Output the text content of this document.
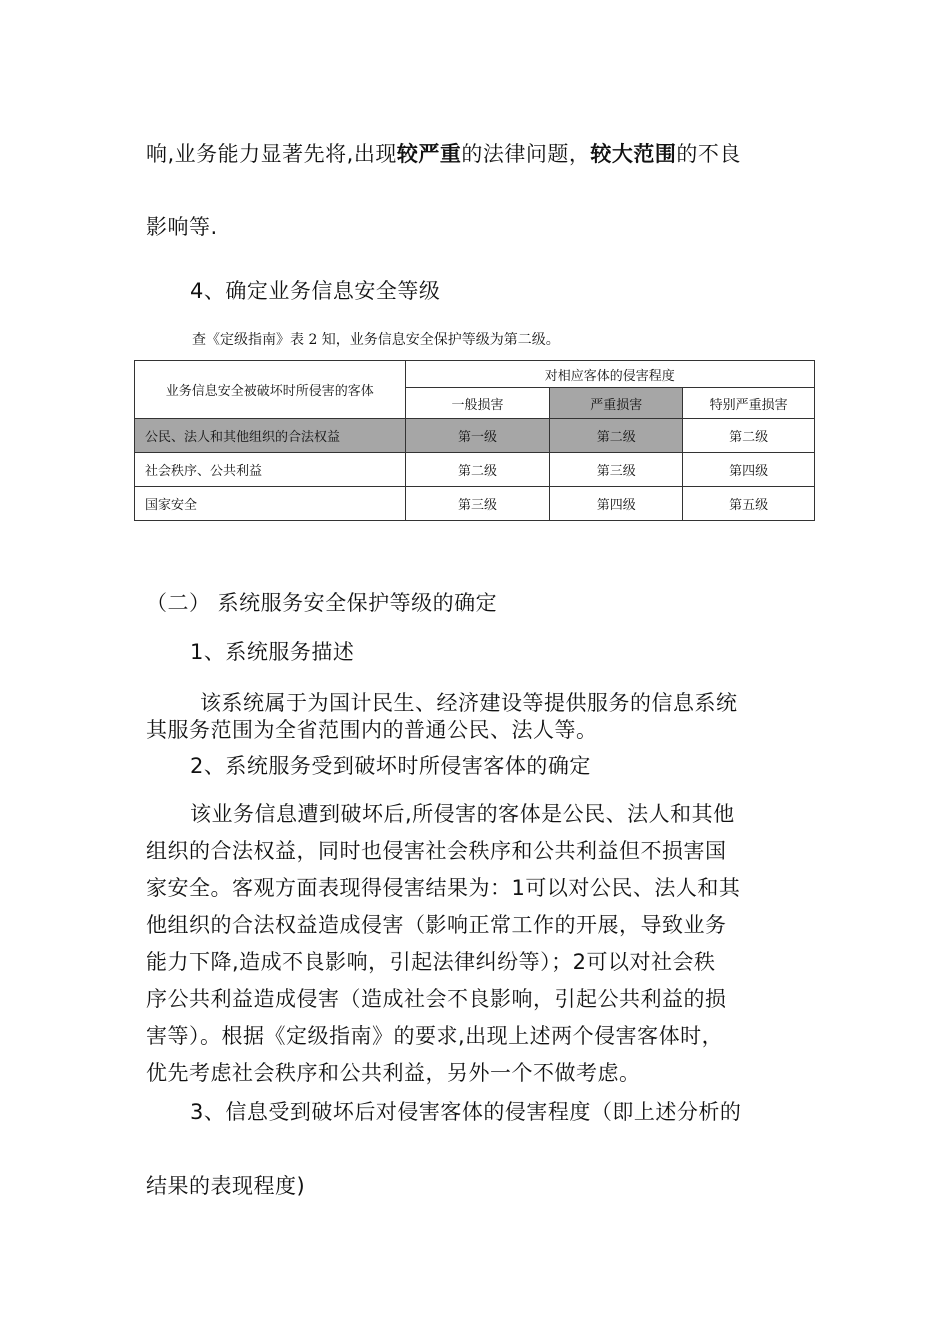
响,业务能力显著先将,出现较严重的法律问题，较大范围的不良
影响等.
4、确定业务信息安全等级
查《定级指南》表 2 知，业务信息安全保护等级为第二级。
业务信息安全被破坏时所侵害的客体	对相应客体的侵害程度		
	一般损害	严重损害	特别严重损害
公民、法人和其他组织的合法权益	第一级	第二级	第二级
社会秩序、公共利益	第二级	第三级	第四级
国家安全	第三级	第四级	第五级
（二） 系统服务安全保护等级的确定
1、系统服务描述
该系统属于为国计民生、经济建设等提供服务的信息系统
其服务范围为全省范围内的普通公民、法人等。
2、系统服务受到破坏时所侵害客体的确定
该业务信息遭到破坏后,所侵害的客体是公民、法人和其他
组织的合法权益，同时也侵害社会秩序和公共利益但不损害国
家安全。客观方面表现得侵害结果为：1可以对公民、法人和其
他组织的合法权益造成侵害（影响正常工作的开展，导致业务
能力下降,造成不良影响，引起法律纠纷等）；2可以对社会秩
序公共利益造成侵害（造成社会不良影响，引起公共利益的损
害等）。根据《定级指南》的要求,出现上述两个侵害客体时，
优先考虑社会秩序和公共利益，另外一个不做考虑。
3、信息受到破坏后对侵害客体的侵害程度（即上述分析的
结果的表现程度)
